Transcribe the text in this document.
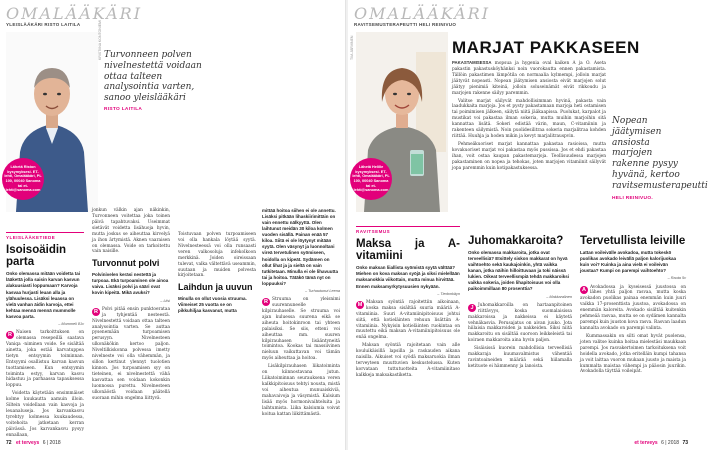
OMALÄÄKÄRI
YLEISLÄÄKÄRI RISTO LAITILA	KRISTIINA KONTONIEMI
Lähetä Riston kysymyksesi. ET-lehti, Omalääkäri, PL 100, 00040 Sanoma tai et-lehti@sanoma.com
Turvonneen polven nivelnestettä voidaan ottaa talteen analysointia varten, sanoo yleislääkäri
RISTO LAITILA
YLEISLÄÄKETIEDE
Isoisoäidin parta
Onko olemassa mitään voidetta tai lääkettä jolla saisin karvan kasvun alakuusiasti loppumaan? Karvoja kasvaa hurjasti leuan alla ja ylähuulessa. Lisäksi leuassa on vielä vanhan äidin karvoja, ettei kehtaa mennä mennä mummolle kasvoa parta.
– Mummeli 81v

R Naisen tarkoittuksen on olemassa resepeillä saatava Vaniqa -niminen voide. Se sisältää ainetta, joka estää karvatuppea tietyn entsyymin toiminnan. Entsyymi osallistuu karvan kasvun tuottamiseen. Kun entsyymin toiminta estyy, karvan kasvu hidastuu ja parhaassa tapauksessa loppuu.

Voidetta käytetään ensimmäiset kolme kuukautta aamuin illoin. Siltein voidellaan vain kasvoja ja leuanaluseja. Jos karvankasvu tyrehtyy kolmessa kuukaudessa, voitehoita jatketaan kerran päivässä. Jos karvankasvu pysyy ennallaan,

jonkun välkin ajan näkinkin, Turvonneen voitettaa joka toinen päivä tapahtuvaksi. Useimmat sietävät voidetta lisähuoja hyvin, mutta joskus se aiheuttaa kirvelyä ja ihon ärtymistä. Aknen vaaraisen on olemassa. Voide on tarkoitettu vain naisille.

Turvonnut polvi
Polvinivelen keräsi nestettä ja turpoaa. Ekä turpoaminen ole ainoa vaiva. Lisäksi polvi ja sääri ovat kovin kipeitä. Mikä avuksi?
– Liisi

R Polvi pitää ensin punktoerataa ja tyhjentää nesteestä. Nivelnestettä voidaan ottaa talteen analysointia varten. Se auttaa pysenemään turpoamisen perusyyn. Nivelnesteen ulkonäkökin kertoo paljon. Niveltilkiskonna polvessa imetty nivelneste voi olla vähemmän, ja sillon kertinut ylennyt tuolotien kinnon. Jos turpoamisen syy on tieteinen, ei nivelnestettä vähä kasvattaa sen voidaan kokonkin luonnossa purettu. Nivelnesteen ulkonäöstä voidaan päätellä suoraan mihin ongelma liittyvä.

Toistuvaan polven turpoamiseen voi olla hankala löytää syytä. Nivelnesteessä voi olla runsaasti veren valkosoluja infekolkoon merkkinä. Joiden oireissaan tulevat, valka vältettävä useammin, suutaan ja muiden polvesta kirjoitetaan.

Laihdun ja uuvun
Minulla on ollut vuosia struuma. Viimeiset 25 vuotta se on pikkuhiljaa kasvanut, mutta
mittää hoitoa siihen ei ole annettu. Lisäksi pitkään lihaskiirimittäin on vain ennettu nälkyyttä. Olen laihtunut meidän 30 kiloa kolmen vuoden sisällä. Painan enää 57 kiloa. Siitä ei ole löytynyt mitään syytä. Olen väsynyt ja luonnoltani vireä tervetulinen syömiseen, hoidolla on kipeät. Sydämen on ollut lihat ja ja sieltä on vain tutkitetaan. Minulla ei ole lihavuutta tai ja hoitoa. Tätäkö tämä nyt on loppuuksi?
– Turhautunut Leena

R Struuma on yleisnimi suurennuneelle kilpirauhaselle. Se struuma voi ajan kuluessa suurena eikä se aiheuta hoitokinroon tai yhteen palaisiksi. Se siis, etteni voi aiheuttaa mm. suuren kilpirauhasen lisääntyneitä toimintoa. Kookas tai massiivinen nieluun vaikuttavan voi tämän myös aiheuttaa ja hoitoa.

Lisäkilpirauhasen liikatoiminta on kiinnostavana jutun. Liikatoiminnan seurauksena veren kalkkipitoisuus tehtyi nousta, mistä voi aiheutua munuaiskiviä, mahavaivoja ja väsymistä. Kalsium lisää myös hormonivaihteluita ja laihtumista. Liika kalsiumia voivat koitua kattan liikittämästä.

72 et terveys 6 | 2018
OMALÄÄKÄRI
RAVITSEMUSTERAPEUTTI HELI REINIVUO
TIIA JÄRVINEN
Lähetä Helille kysymyksesi. ET-lehti, Omalääkäri, PL 100, 00040 Sanoma tai et-lehti@sanoma.com
MARJAT PAKKASEEN

PAKASTAMISESSA mopsua ja hygenia oval kaiken A ja O. Aseta pakastin pakastusköyhänksi noin vuorokautta ennen pakastamista. Tällöin pakastimen lämpötila on normaalia kylmempi, jolloin marjat jäätyvät nopeasti. Nopean jäätymisen ansiosta eivät marjojen solut jäätyy pienimiä kiteinä, jolloin soluseinämät eivät rikkoudu ja marjojen rakenne säilyy paremmin.

Valitse marjat säilyvät mahdollisimman hyvinä, pakasta vain laadukkaita marjoja. Jos et pysty pakastamaan marjoja heti ostamisen tai poimimisen jälkeen, säilytä niitä jääkaapissa. Puolukat, karpalot ja mustikat voi pakastaa ilman sokeria, mutta muihin marjoihin sitä kannattaa lisätä. Sokeri edistää värin, maun, C-vitamiinin ja rakenteen säilymistä. Noin puolidesilitraa sokeria marjalitraa kohden riittää. Huuhja ja hoden mikin ja kevyt marjalitrauspvin.

Pehmeäkuoriset marjat kannattaa pakastaa rasioissa, mutta kovakuoriset marjat voi pakastaa myös pussissa. Jos et ehdi pakastaa ihan, voit ostaa kaupan pakastemarjoja. Teollisuudessa marjojen pakastaminen on nopea ja tehokas, joten marjojen vitamiinit säilyvät jopa paremmin kuin kotipakastuksessa.

Nopean jäätymisen ansiosta marjojen rakenne pysyy hyvänä, kertoo ravitsemusterapeutti HELI REINIVUO.
RAVITSEMUS
Maksa ja A-vitamiini
Onko maksan liiallista syömistä syytä välttää? Miehen on kova maksan syöjä ja siksi mielellään maksanokkia viikottain, mutta minua hirvittää. Ennen maksamyrkytysuusien nykyään.
– Tiedonkäyn

M Maksan syöntiä rajoitettiin aikoinaan, koska maksa sisältää suuria määriä A-vitamiinia. Suuri A-vitamiinipitoisuus johtui siitä, että kotieläinten rehuun lisättiin A-vitamiinia. Nykyisin kotieläinten ruokintaa on muutettu eikä maksan A-vitamiinipitoisuus ole enää ongelma.

Maksan syöntiä rajoitetaan vain alle kouluikäisillä lapsilla ja raskauden aikana naisilla. Aikuiset voi syödä maksaruokia ilman terveyteen muuttuvien keskustelussa. Kuten korvataan tuttutuotteita A-vitamiinitaso kalkkeja maksakastiketta.

Juhomakkaroita?
Onko olemassa makkaroita, jotka ovat terveellisiä? Etsittely siskon makkarat on hyvä vaihtoehto sekä kaukajoinkin, yhtä vaikka kanan, jotka näihin hilloittuvaan ja toki näissä lukien. Oikeat terveellismpiä tehdä makkaroiksi vaikka sokeria, joiden lihapitoisuus voi olla paikoimmillaan 80 prosenttia?
– Makkaralinen

J	Juhomakkaroilla on hartaanpitoinen riittävyys, koska suomalaisissa makkaroissa ja nakkeissa ei käytetä vehnäkasvia. Perusajatus on aivan juuko. Jota hiilaisia makkaroiden ja nakkeiden. Siksi niitä makkaroitu on sisältää suoroon leikkeleistä tai koiraen makkaroita aina hyvin paljon.

Sisäisissä kuorein mahdollisia terveellisiä makkaraja kuumavalmistus vähentää ravintoaineiden määrää sekä hiilamalla ketituote ei hämmenny ja lanoista.

Tervetullista leiville
Lattan voileivälle avokadoa, mutta tokeskö puolikas avokado leivällä paljon kalorijuokaa kuin voi? Kuinka ja aina vielä ei voileivän joustaa? Kumpi on parempi vaihtoehto?
– Rauta 5v

A Avokadossa ja kyseisessä juustossa on lähes yhtä paljon rasvaa, mutta koska avokadon puolikas painaa enemmän kuin juuri vaikka 17-prosenttista juustoa, avokadossa on enemmän kaloreita. Avokado sisältää kuitenkin pehmeää rasvaa, mutta se on sydämen kannalta parempi kuin juuston kova rasva. Rasvan laadun kannalta avokado on parempi valinta.

Kummassakin on silti omat hyvät puolensa, joten valitse kuinka hoitaa mielestäsi maukkaan parempi. Jos rasvakertoimen tarkoituksena voit hoidella avokado, jotka eritelläin kumpi tahansa ja voit laittaa vuoron mukaan juusto ja maista ja kummalta maistaa vähempi ja pääosin juurikin. Avokadolla täyttää voileipät.

et terveys 6 | 2018 73
